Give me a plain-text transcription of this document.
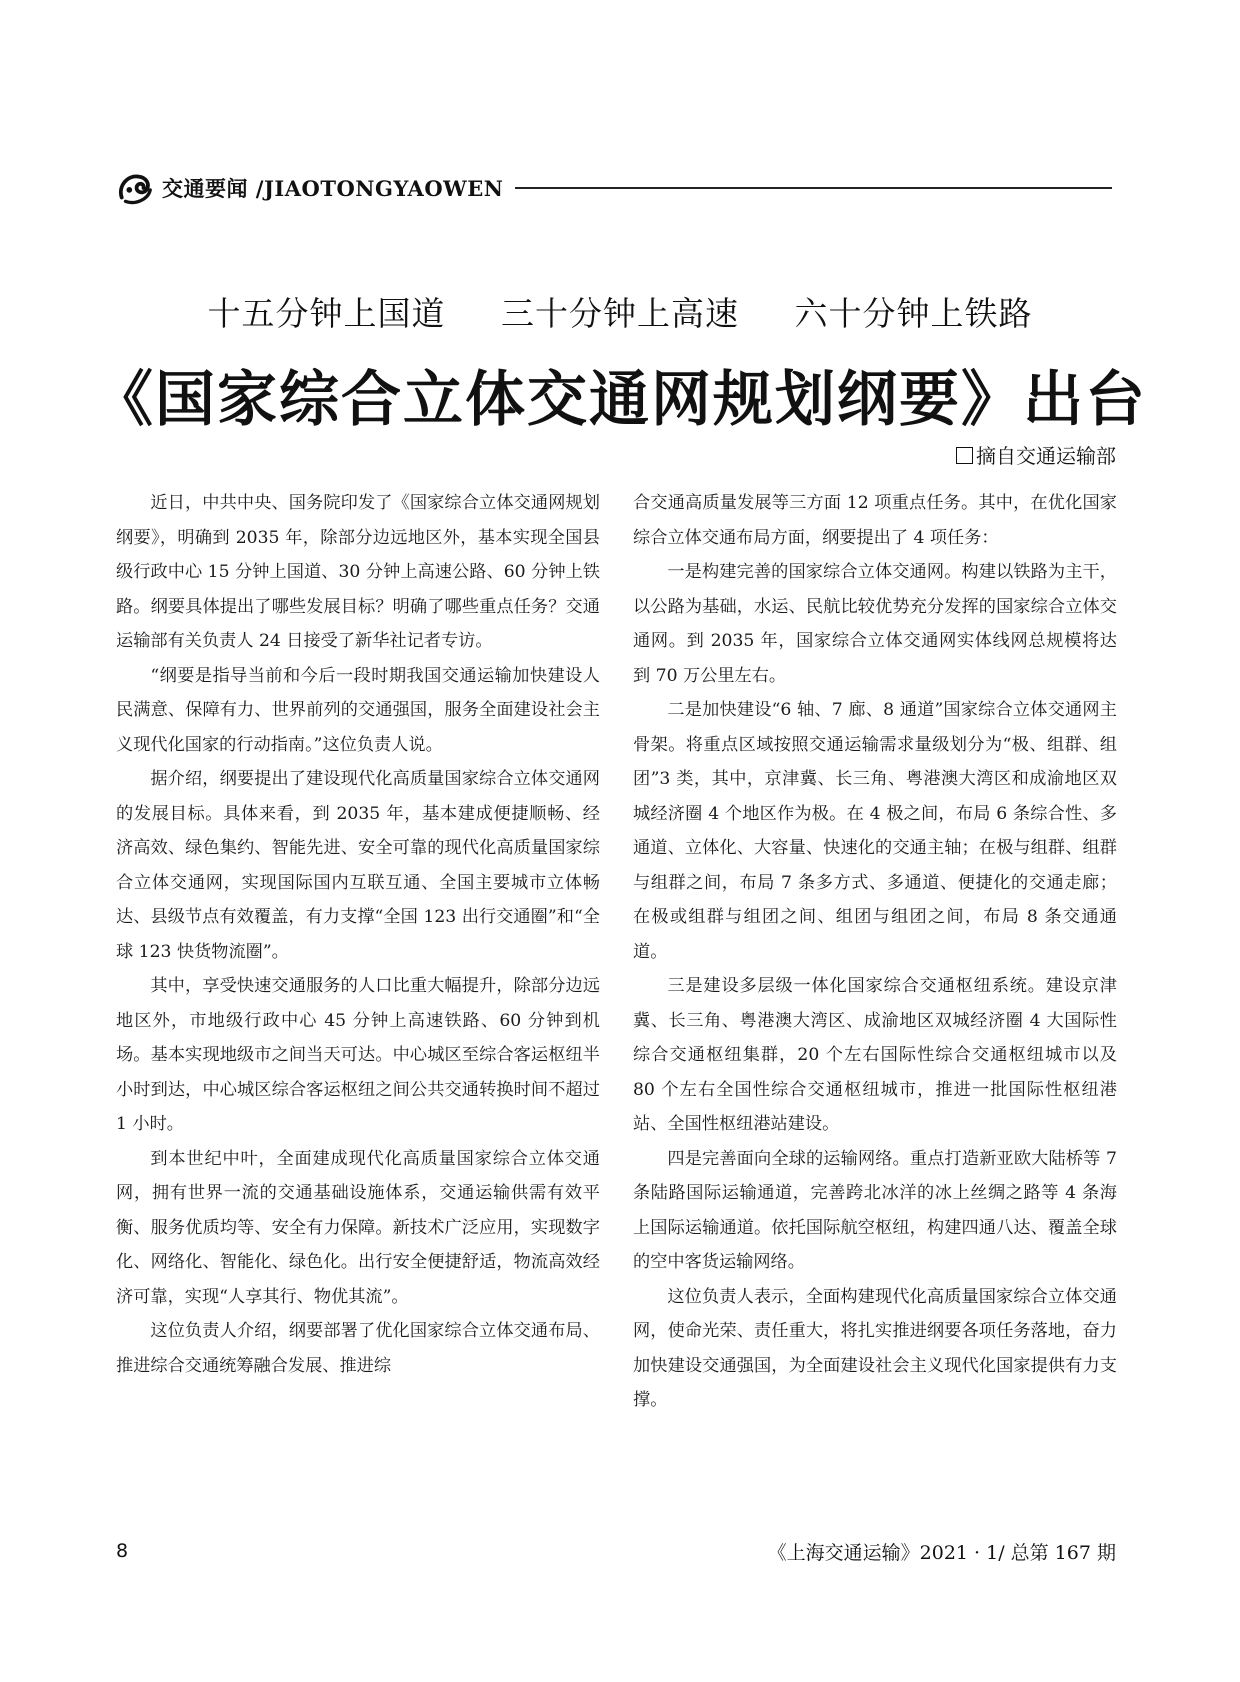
交通要闻 /JIAOTONGYAOWEN
十五分钟上国道 三十分钟上高速 六十分钟上铁路
《国家综合立体交通网规划纲要》出台
摘自交通运输部

近日，中共中央、国务院印发了《国家综合立体交通网规划纲要》，明确到 2035 年，除部分边远地区外，基本实现全国县级行政中心 15 分钟上国道、30 分钟上高速公路、60 分钟上铁路。纲要具体提出了哪些发展目标？明确了哪些重点任务？交通运输部有关负责人 24 日接受了新华社记者专访。

“纲要是指导当前和今后一段时期我国交通运输加快建设人民满意、保障有力、世界前列的交通强国，服务全面建设社会主义现代化国家的行动指南。”这位负责人说。

据介绍，纲要提出了建设现代化高质量国家综合立体交通网的发展目标。具体来看，到 2035 年，基本建成便捷顺畅、经济高效、绿色集约、智能先进、安全可靠的现代化高质量国家综合立体交通网，实现国际国内互联互通、全国主要城市立体畅达、县级节点有效覆盖，有力支撑“全国 123 出行交通圈”和“全球 123 快货物流圈”。

其中，享受快速交通服务的人口比重大幅提升，除部分边远地区外，市地级行政中心 45 分钟上高速铁路、60 分钟到机场。基本实现地级市之间当天可达。中心城区至综合客运枢纽半小时到达，中心城区综合客运枢纽之间公共交通转换时间不超过 1 小时。

到本世纪中叶，全面建成现代化高质量国家综合立体交通网，拥有世界一流的交通基础设施体系，交通运输供需有效平衡、服务优质均等、安全有力保障。新技术广泛应用，实现数字化、网络化、智能化、绿色化。出行安全便捷舒适，物流高效经济可靠，实现“人享其行、物优其流”。

这位负责人介绍，纲要部署了优化国家综合立体交通布局、推进综合交通统筹融合发展、推进综

合交通高质量发展等三方面 12 项重点任务。其中，在优化国家综合立体交通布局方面，纲要提出了 4 项任务：

一是构建完善的国家综合立体交通网。构建以铁路为主干，以公路为基础，水运、民航比较优势充分发挥的国家综合立体交通网。到 2035 年，国家综合立体交通网实体线网总规模将达到 70 万公里左右。

二是加快建设“6 轴、7 廊、8 通道”国家综合立体交通网主骨架。将重点区域按照交通运输需求量级划分为“极、组群、组团”3 类，其中，京津冀、长三角、粤港澳大湾区和成渝地区双城经济圈 4 个地区作为极。在 4 极之间，布局 6 条综合性、多通道、立体化、大容量、快速化的交通主轴；在极与组群、组群与组群之间，布局 7 条多方式、多通道、便捷化的交通走廊；在极或组群与组团之间、组团与组团之间，布局 8 条交通通道。

三是建设多层级一体化国家综合交通枢纽系统。建设京津冀、长三角、粤港澳大湾区、成渝地区双城经济圈 4 大国际性综合交通枢纽集群，20 个左右国际性综合交通枢纽城市以及 80 个左右全国性综合交通枢纽城市，推进一批国际性枢纽港站、全国性枢纽港站建设。

四是完善面向全球的运输网络。重点打造新亚欧大陆桥等 7 条陆路国际运输通道，完善跨北冰洋的冰上丝绸之路等 4 条海上国际运输通道。依托国际航空枢纽，构建四通八达、覆盖全球的空中客货运输网络。

这位负责人表示，全面构建现代化高质量国家综合立体交通网，使命光荣、责任重大，将扎实推进纲要各项任务落地，奋力加快建设交通强国，为全面建设社会主义现代化国家提供有力支撑。

8	《上海交通运输》2021 · 1/ 总第 167 期
